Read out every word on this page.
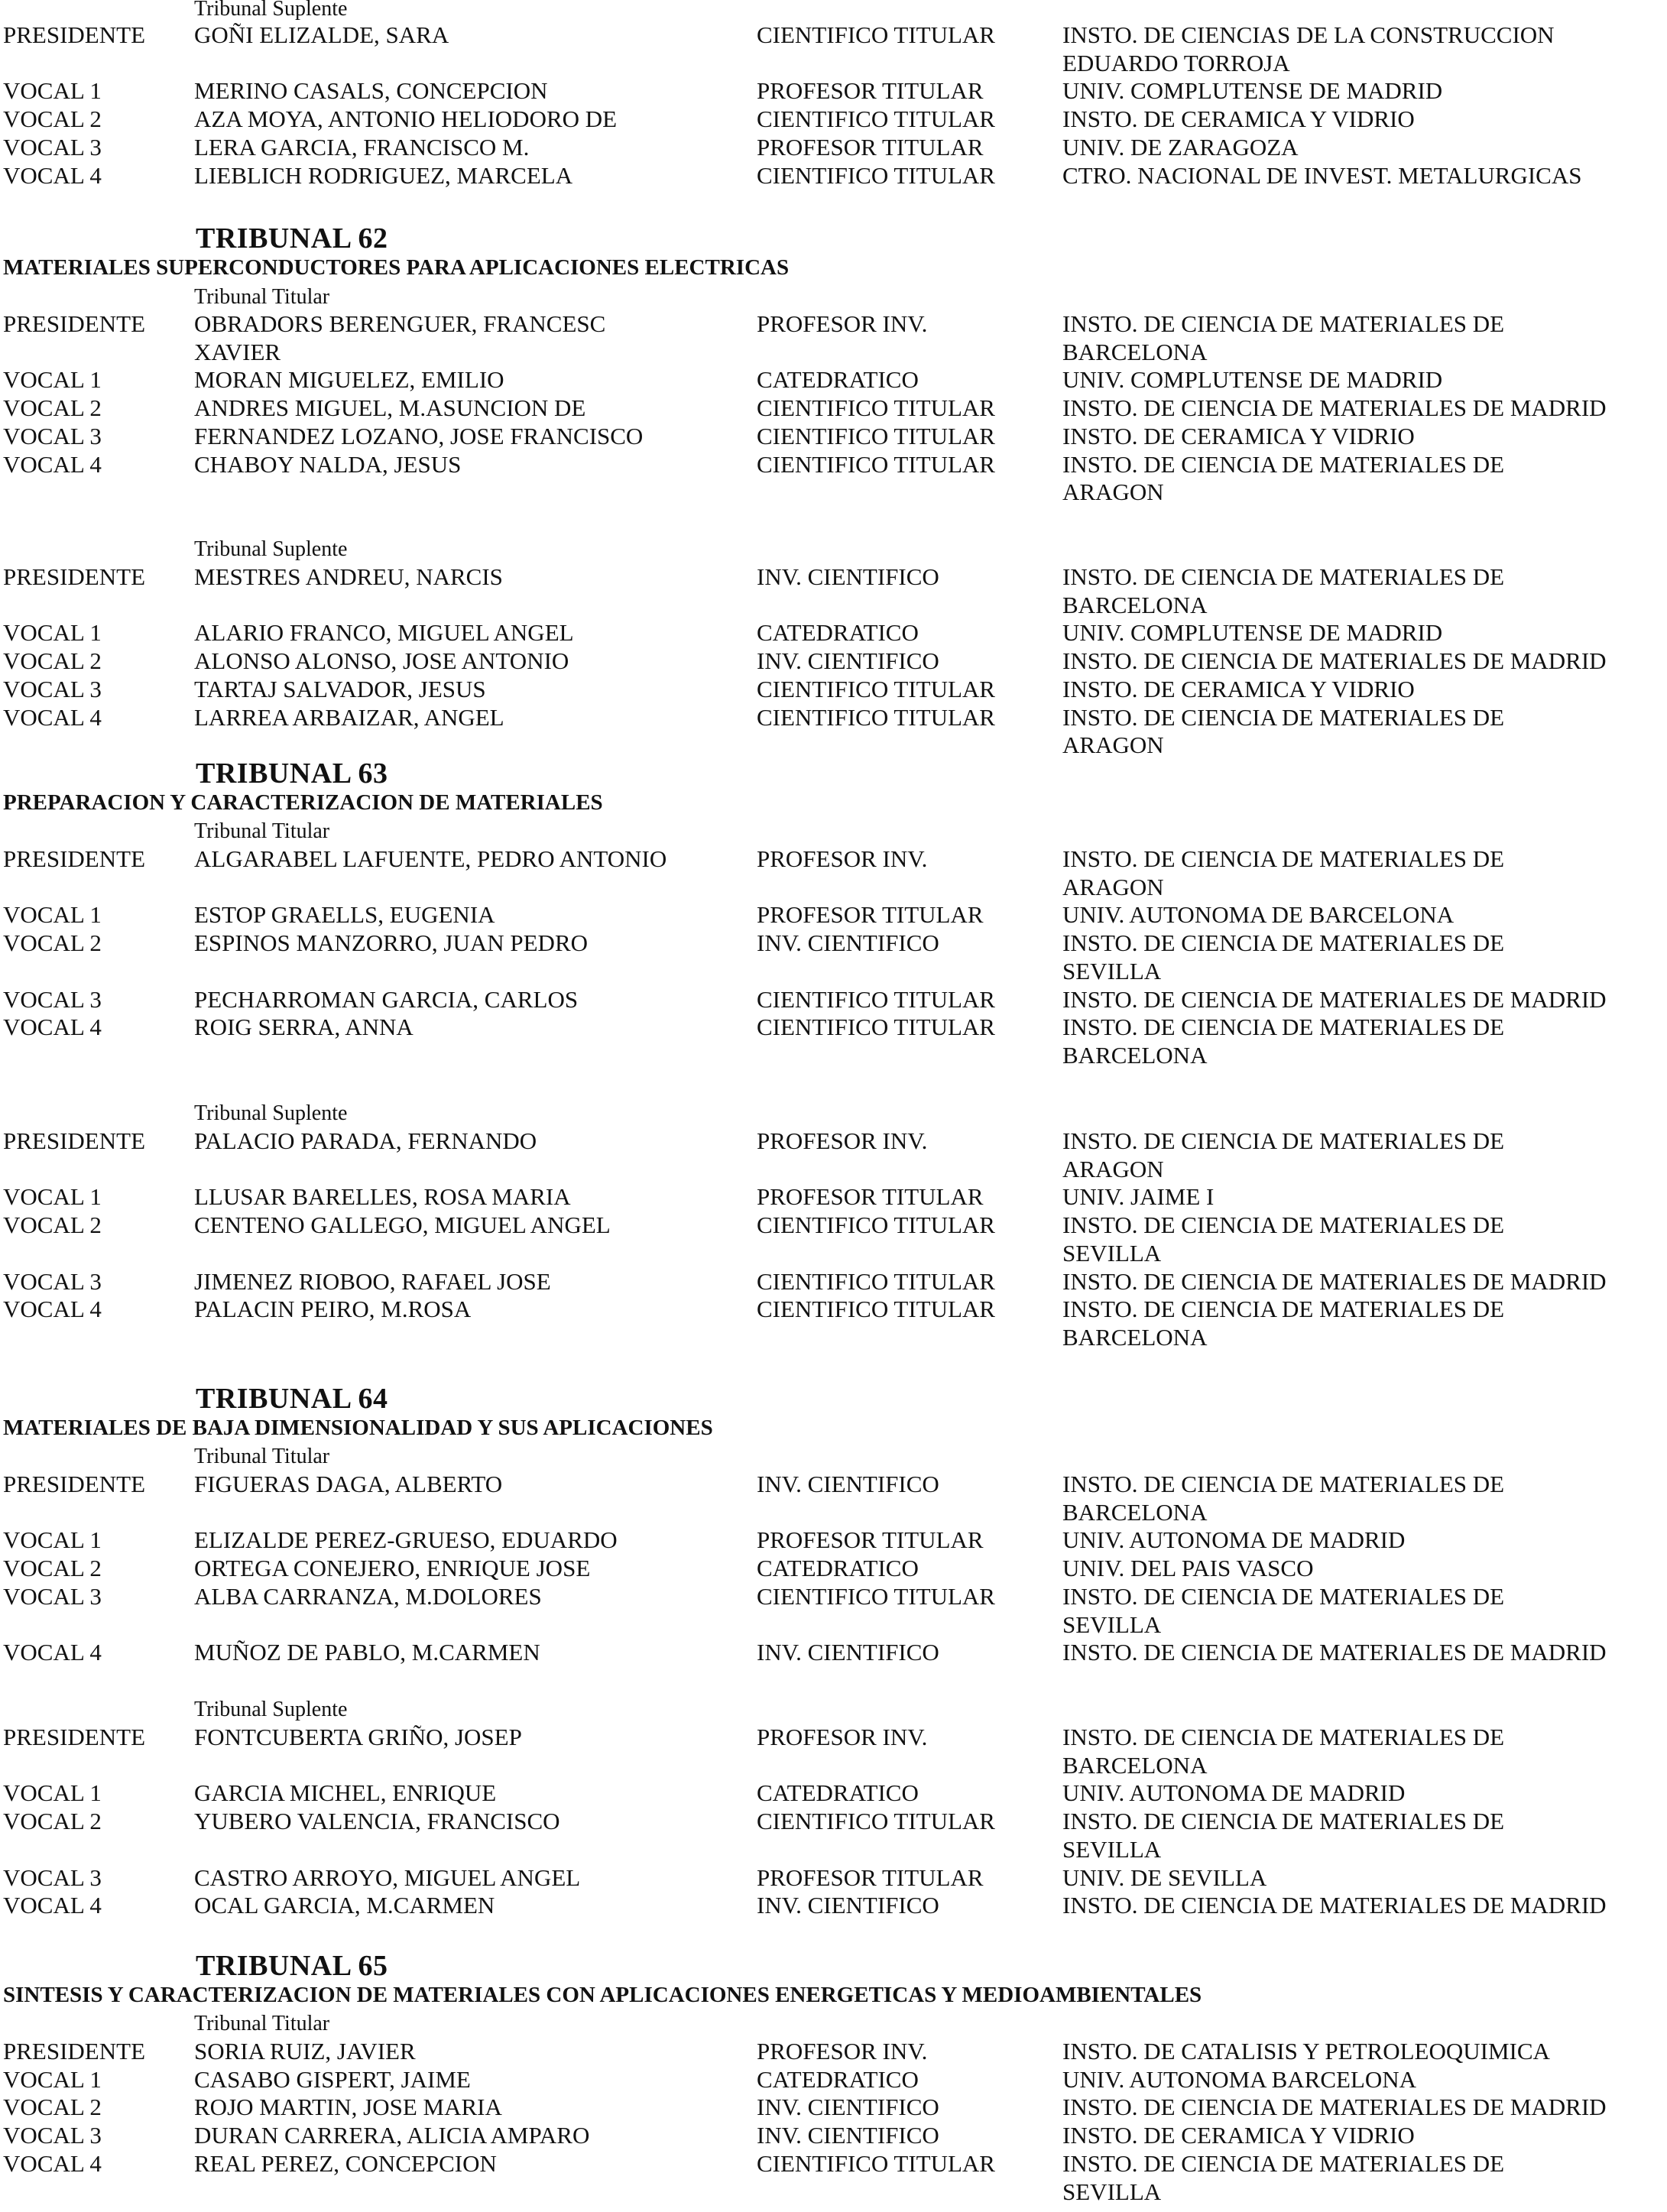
Tribunal Suplente
PRESIDENTE GOÑI ELIZALDE, SARA	CIENTIFICO TITULAR	INSTO. DE CIENCIAS DE LA CONSTRUCCION
EDUARDO TORROJA
VOCAL 1	MERINO CASALS, CONCEPCION	PROFESOR TITULAR	UNIV. COMPLUTENSE DE MADRID
VOCAL 2	AZA MOYA, ANTONIO HELIODORO DE	CIENTIFICO TITULAR	INSTO. DE CERAMICA Y VIDRIO
VOCAL 3	LERA GARCIA, FRANCISCO M.	PROFESOR TITULAR	UNIV. DE ZARAGOZA
VOCAL 4	LIEBLICH RODRIGUEZ, MARCELA	CIENTIFICO TITULAR	CTRO. NACIONAL DE INVEST. METALURGICAS
TRIBUNAL 62
MATERIALES SUPERCONDUCTORES PARA APLICACIONES ELECTRICAS
Tribunal Titular
PRESIDENTE OBRADORS BERENGUER, FRANCESC	PROFESOR INV.	INSTO. DE CIENCIA DE MATERIALES DE
XAVIER	BARCELONA
VOCAL 1	MORAN MIGUELEZ, EMILIO	CATEDRATICO	UNIV. COMPLUTENSE DE MADRID
VOCAL 2	ANDRES MIGUEL, M.ASUNCION DE	CIENTIFICO TITULAR	INSTO. DE CIENCIA DE MATERIALES DE MADRID
VOCAL 3	FERNANDEZ LOZANO, JOSE FRANCISCO	CIENTIFICO TITULAR	INSTO. DE CERAMICA Y VIDRIO
VOCAL 4	CHABOY NALDA, JESUS	CIENTIFICO TITULAR	INSTO. DE CIENCIA DE MATERIALES DE
ARAGON
Tribunal Suplente
PRESIDENTE MESTRES ANDREU, NARCIS	INV. CIENTIFICO	INSTO. DE CIENCIA DE MATERIALES DE
BARCELONA
VOCAL 1	ALARIO FRANCO, MIGUEL ANGEL	CATEDRATICO	UNIV. COMPLUTENSE DE MADRID
VOCAL 2	ALONSO ALONSO, JOSE ANTONIO	INV. CIENTIFICO	INSTO. DE CIENCIA DE MATERIALES DE MADRID
VOCAL 3	TARTAJ SALVADOR, JESUS	CIENTIFICO TITULAR	INSTO. DE CERAMICA Y VIDRIO
VOCAL 4	LARREA ARBAIZAR, ANGEL	CIENTIFICO TITULAR	INSTO. DE CIENCIA DE MATERIALES DE
ARAGON
TRIBUNAL 63
PREPARACION Y CARACTERIZACION DE MATERIALES
Tribunal Titular
PRESIDENTE ALGARABEL LAFUENTE, PEDRO ANTONIO	PROFESOR INV.	INSTO. DE CIENCIA DE MATERIALES DE
ARAGON
VOCAL 1	ESTOP GRAELLS, EUGENIA	PROFESOR TITULAR	UNIV. AUTONOMA DE BARCELONA
VOCAL 2	ESPINOS MANZORRO, JUAN PEDRO	INV. CIENTIFICO	INSTO. DE CIENCIA DE MATERIALES DE
SEVILLA
VOCAL 3	PECHARROMAN GARCIA, CARLOS	CIENTIFICO TITULAR	INSTO. DE CIENCIA DE MATERIALES DE MADRID
VOCAL 4	ROIG SERRA, ANNA	CIENTIFICO TITULAR	INSTO. DE CIENCIA DE MATERIALES DE
BARCELONA
Tribunal Suplente
PRESIDENTE PALACIO PARADA, FERNANDO	PROFESOR INV.	INSTO. DE CIENCIA DE MATERIALES DE
ARAGON
VOCAL 1	LLUSAR BARELLES, ROSA MARIA	PROFESOR TITULAR	UNIV. JAIME I
VOCAL 2	CENTENO GALLEGO, MIGUEL ANGEL	CIENTIFICO TITULAR	INSTO. DE CIENCIA DE MATERIALES DE
SEVILLA
VOCAL 3	JIMENEZ RIOBOO, RAFAEL JOSE	CIENTIFICO TITULAR	INSTO. DE CIENCIA DE MATERIALES DE MADRID
VOCAL 4	PALACIN PEIRO, M.ROSA	CIENTIFICO TITULAR	INSTO. DE CIENCIA DE MATERIALES DE
BARCELONA
TRIBUNAL 64
MATERIALES DE BAJA DIMENSIONALIDAD Y SUS APLICACIONES
Tribunal Titular
PRESIDENTE FIGUERAS DAGA, ALBERTO	INV. CIENTIFICO	INSTO. DE CIENCIA DE MATERIALES DE
BARCELONA
VOCAL 1	ELIZALDE PEREZ-GRUESO, EDUARDO	PROFESOR TITULAR	UNIV. AUTONOMA DE MADRID
VOCAL 2	ORTEGA CONEJERO, ENRIQUE JOSE	CATEDRATICO	UNIV. DEL PAIS VASCO
VOCAL 3	ALBA CARRANZA, M.DOLORES	CIENTIFICO TITULAR	INSTO. DE CIENCIA DE MATERIALES DE
SEVILLA
VOCAL 4	MUÑOZ DE PABLO, M.CARMEN	INV. CIENTIFICO	INSTO. DE CIENCIA DE MATERIALES DE MADRID
Tribunal Suplente
PRESIDENTE FONTCUBERTA GRIÑO, JOSEP	PROFESOR INV.	INSTO. DE CIENCIA DE MATERIALES DE
BARCELONA
VOCAL 1	GARCIA MICHEL, ENRIQUE	CATEDRATICO	UNIV. AUTONOMA DE MADRID
VOCAL 2	YUBERO VALENCIA, FRANCISCO	CIENTIFICO TITULAR	INSTO. DE CIENCIA DE MATERIALES DE
SEVILLA
VOCAL 3	CASTRO ARROYO, MIGUEL ANGEL	PROFESOR TITULAR	UNIV. DE SEVILLA
VOCAL 4	OCAL GARCIA, M.CARMEN	INV. CIENTIFICO	INSTO. DE CIENCIA DE MATERIALES DE MADRID
TRIBUNAL 65
SINTESIS Y CARACTERIZACION DE MATERIALES CON APLICACIONES ENERGETICAS Y MEDIOAMBIENTALES
Tribunal Titular
PRESIDENTE SORIA RUIZ, JAVIER	PROFESOR INV.	INSTO. DE CATALISIS Y PETROLEOQUIMICA
VOCAL 1	CASABO GISPERT, JAIME	CATEDRATICO	UNIV. AUTONOMA BARCELONA
VOCAL 2	ROJO MARTIN, JOSE MARIA	INV. CIENTIFICO	INSTO. DE CIENCIA DE MATERIALES DE MADRID
VOCAL 3	DURAN CARRERA, ALICIA AMPARO	INV. CIENTIFICO	INSTO. DE CERAMICA Y VIDRIO
VOCAL 4	REAL PEREZ, CONCEPCION	CIENTIFICO TITULAR	INSTO. DE CIENCIA DE MATERIALES DE
SEVILLA
